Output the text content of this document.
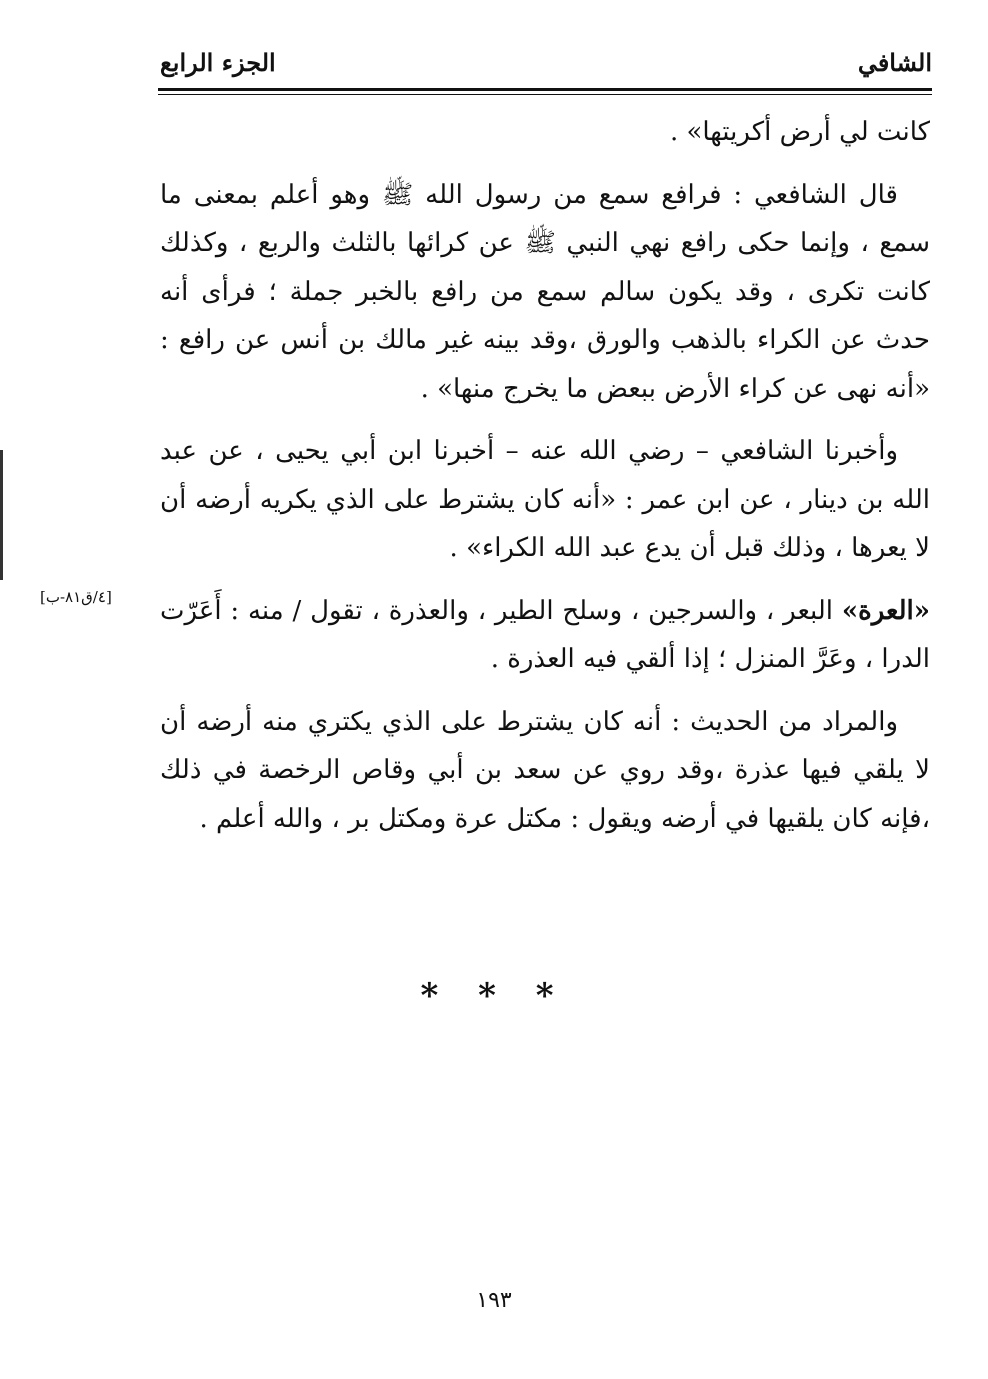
الشافي
الجزء الرابع

كانت لي أرض أكريتها» .

قال الشافعي : فرافع سمع من رسول الله ﷺ وهو أعلم بمعنى ما سمع ، وإنما حكى رافع نهي النبي ﷺ عن كرائها بالثلث والربع ، وكذلك كانت تكرى ، وقد يكون سالم سمع من رافع بالخبر جملة ؛ فرأى أنه حدث عن الكراء بالذهب والورق ،وقد بينه غير مالك بن أنس عن رافع : «أنه نهى عن كراء الأرض ببعض ما يخرج منها» .

وأخبرنا الشافعي – رضي الله عنه – أخبرنا ابن أبي يحيى ، عن عبد الله بن دينار ، عن ابن عمر : «أنه كان يشترط على الذي يكريه أرضه أن لا يعرها ، وذلك قبل أن يدع عبد الله الكراء» .

«العرة» البعر ، والسرجين ، وسلح الطير ، والعذرة ، تقول / منه : أَعَرّت الدرا ، وعَرَّ المنزل ؛ إذا ألقي فيه العذرة .

والمراد من الحديث : أنه كان يشترط على الذي يكتري منه أرضه أن لا يلقي فيها عذرة ،وقد روي عن سعد بن أبي وقاص الرخصة في ذلك ،فإنه كان يلقيها في أرضه ويقول : مكتل عرة ومكتل بر ، والله أعلم .

[٤/ق٨١-ب]
* * *
١٩٣
